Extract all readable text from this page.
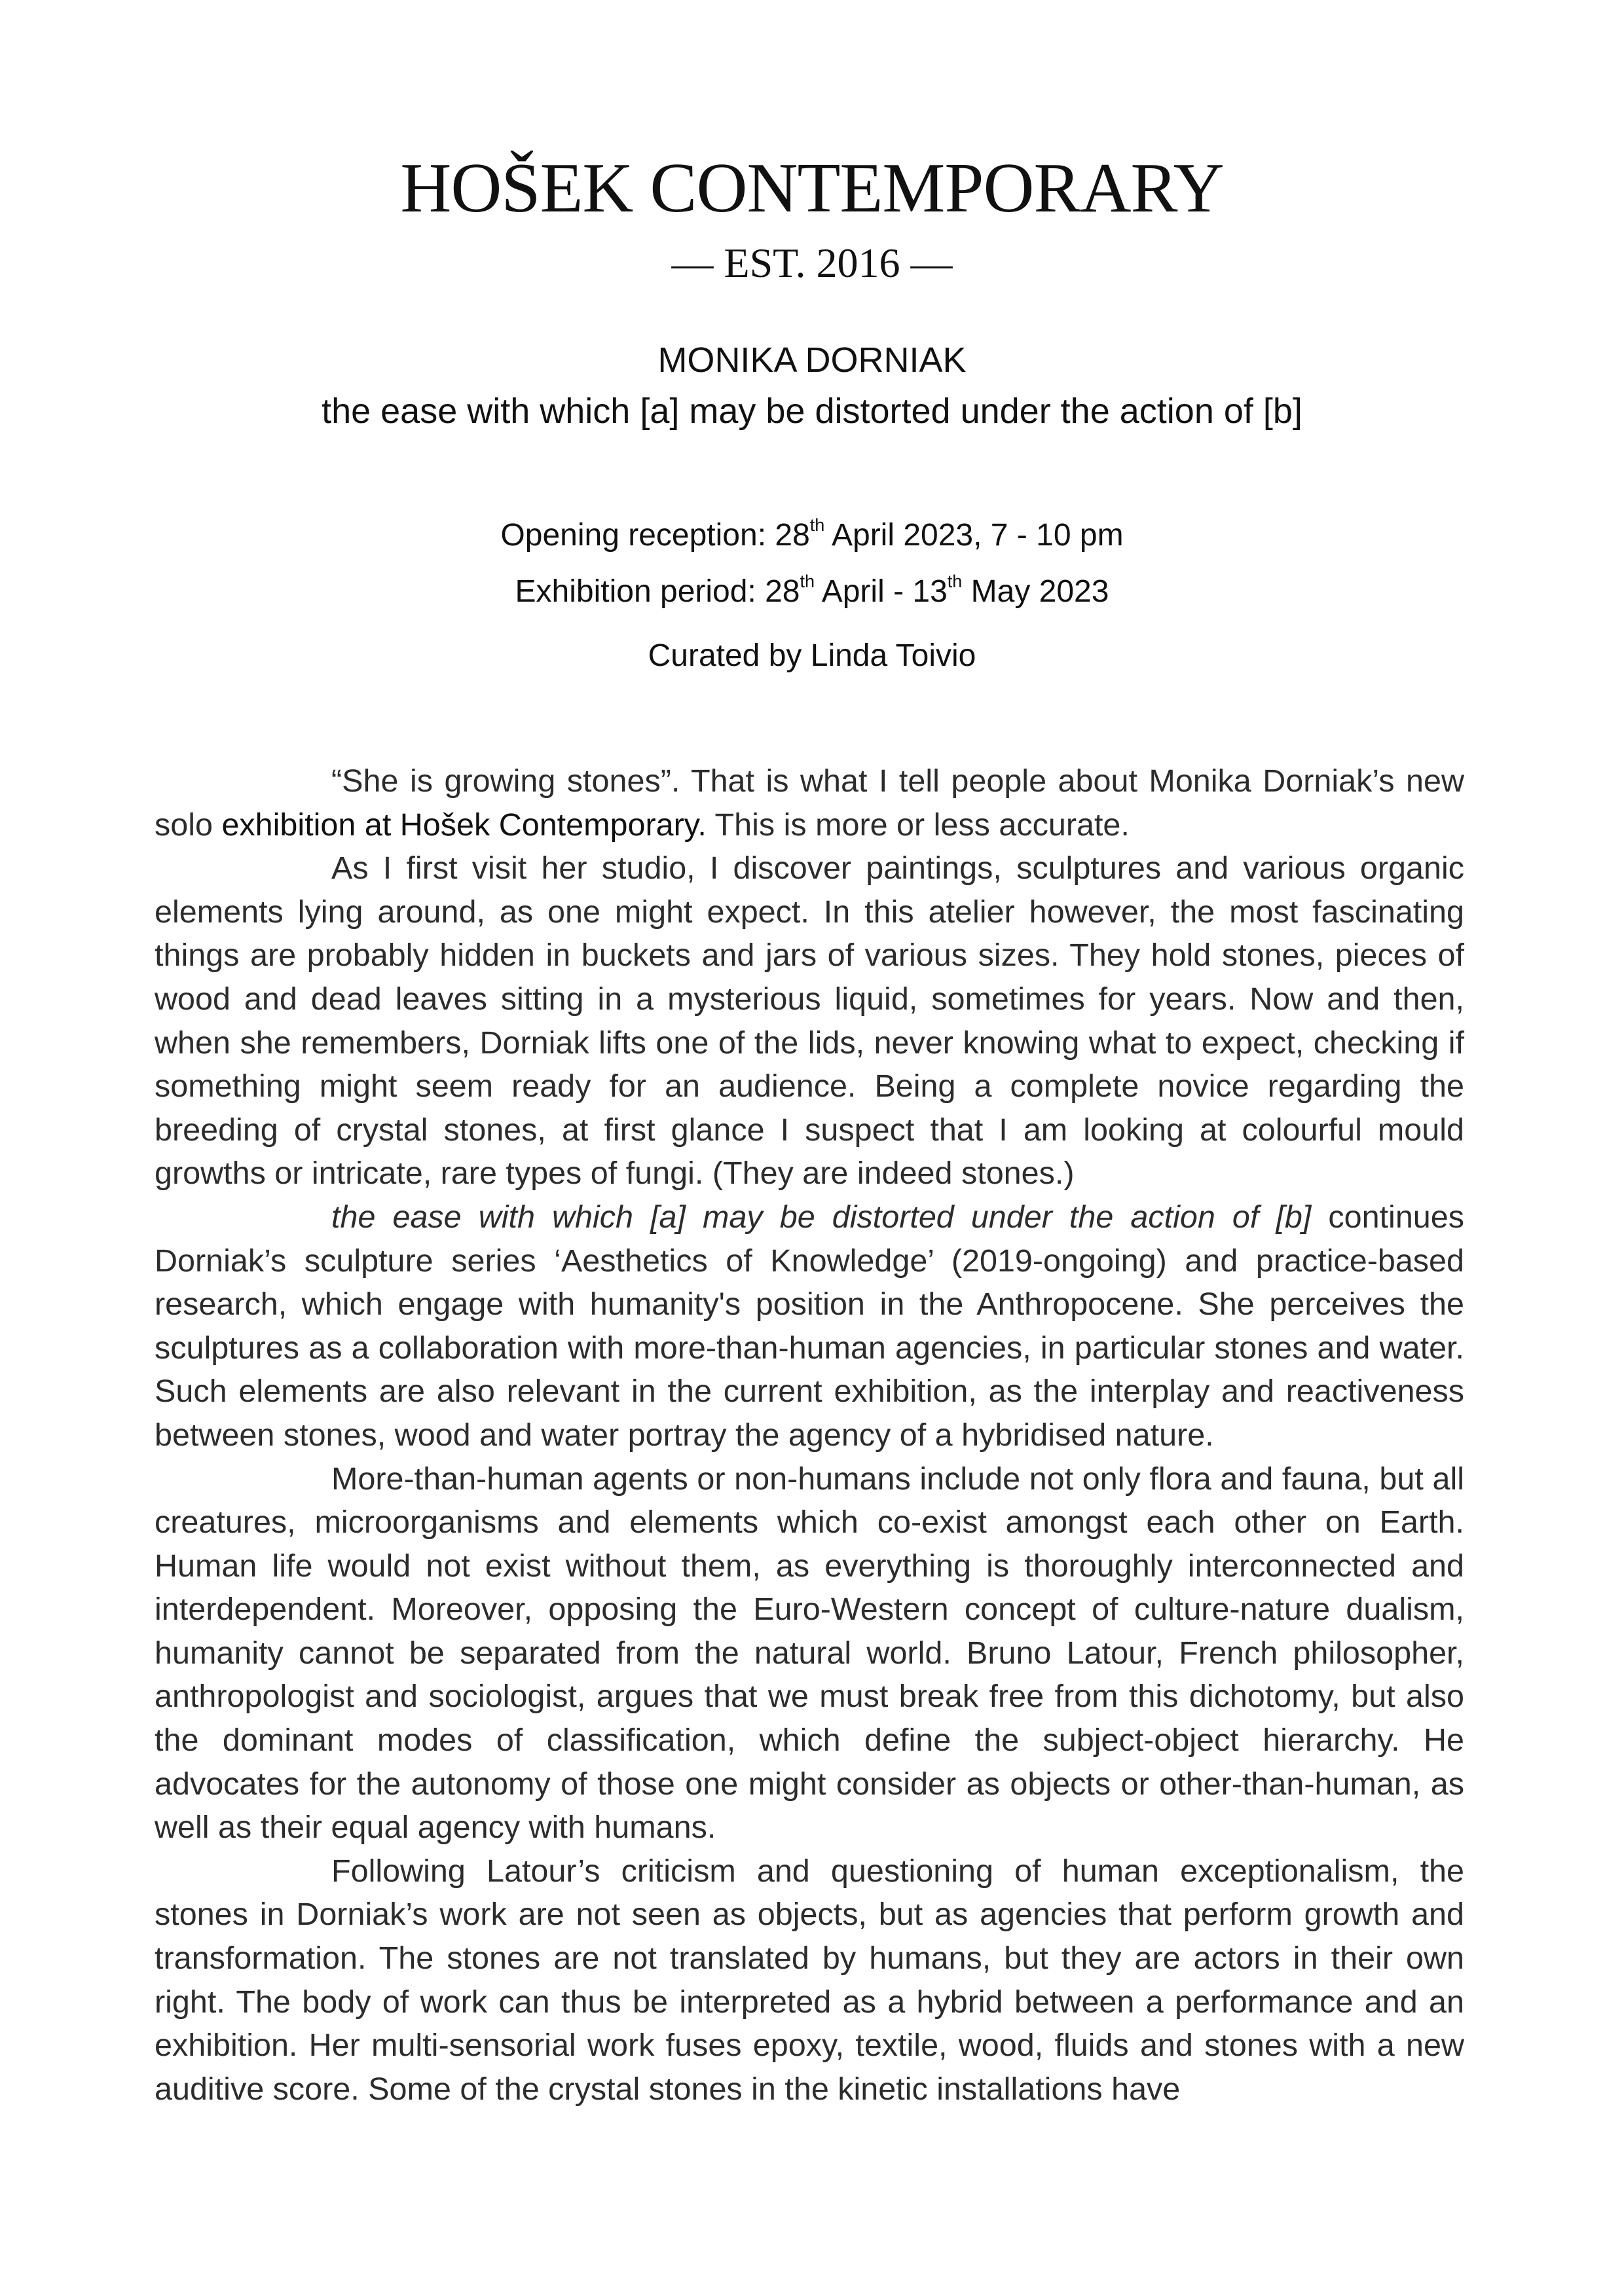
HOŠEK CONTEMPORARY
— EST. 2016 —
MONIKA DORNIAK
the ease with which [a] may be distorted under the action of [b]
Opening reception: 28th April 2023, 7 - 10 pm
Exhibition period: 28th April - 13th May 2023
Curated by Linda Toivio

“She is growing stones”. That is what I tell people about Monika Dorniak’s new solo exhibition at Hošek Contemporary. This is more or less accurate.

As I first visit her studio, I discover paintings, sculptures and various organic elements lying around, as one might expect. In this atelier however, the most fascinating things are probably hidden in buckets and jars of various sizes. They hold stones, pieces of wood and dead leaves sitting in a mysterious liquid, sometimes for years. Now and then, when she remembers, Dorniak lifts one of the lids, never knowing what to expect, checking if something might seem ready for an audience. Being a complete novice regarding the breeding of crystal stones, at first glance I suspect that I am looking at colourful mould growths or intricate, rare types of fungi. (They are indeed stones.)

the ease with which [a] may be distorted under the action of [b] continues Dorniak’s sculpture series ‘Aesthetics of Knowledge’ (2019-ongoing) and practice-based research, which engage with humanity's position in the Anthropocene. She perceives the sculptures as a collaboration with more-than-human agencies, in particular stones and water. Such elements are also relevant in the current exhibition, as the interplay and reactiveness between stones, wood and water portray the agency of a hybridised nature.

More-than-human agents or non-humans include not only flora and fauna, but all creatures, microorganisms and elements which co-exist amongst each other on Earth. Human life would not exist without them, as everything is thoroughly interconnected and interdependent. Moreover, opposing the Euro-Western concept of culture-nature dualism, humanity cannot be separated from the natural world. Bruno Latour, French philosopher, anthropologist and sociologist, argues that we must break free from this dichotomy, but also the dominant modes of classification, which define the subject-object hierarchy. He advocates for the autonomy of those one might consider as objects or other-than-human, as well as their equal agency with humans.

Following Latour’s criticism and questioning of human exceptionalism, the stones in Dorniak’s work are not seen as objects, but as agencies that perform growth and transformation. The stones are not translated by humans, but they are actors in their own right. The body of work can thus be interpreted as a hybrid between a performance and an exhibition. Her multi-sensorial work fuses epoxy, textile, wood, fluids and stones with a new auditive score. Some of the crystal stones in the kinetic installations have
